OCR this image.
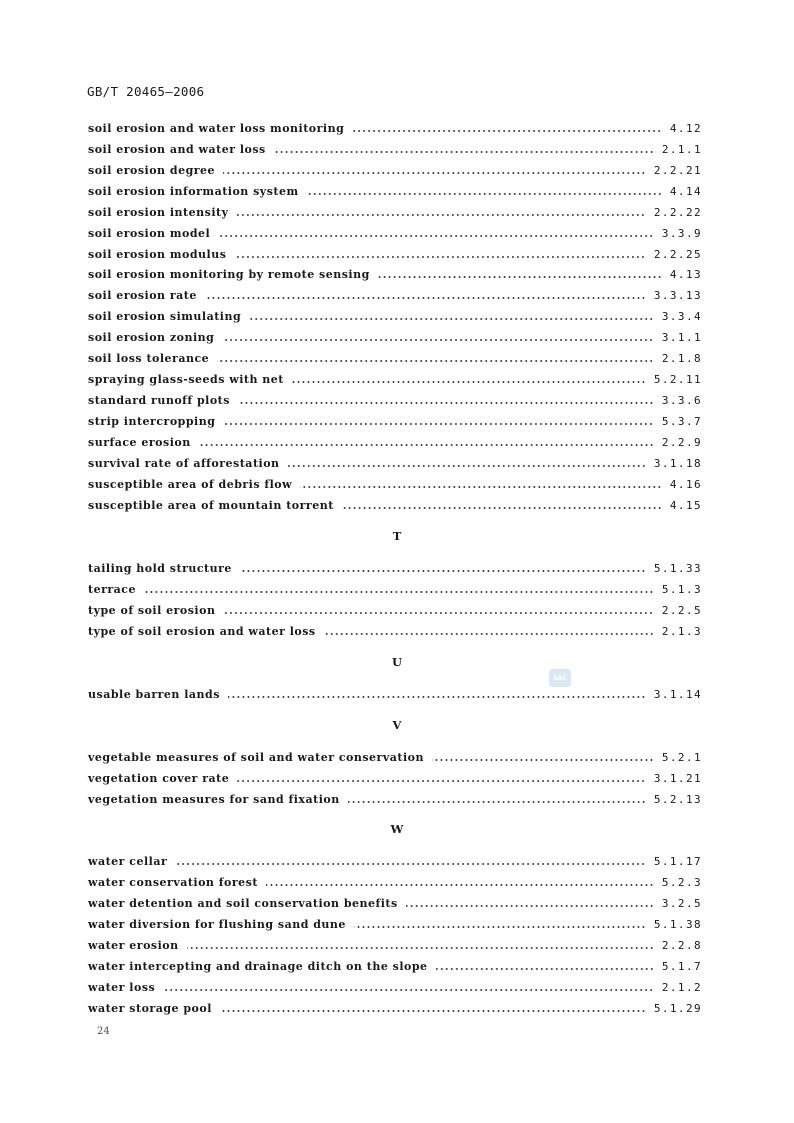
GB/T 20465—2006
soil erosion and water loss monitoring	4.12
soil erosion and water loss	2.1.1
soil erosion degree	2.2.21
soil erosion information system	4.14
soil erosion intensity	2.2.22
soil erosion model	3.3.9
soil erosion modulus	2.2.25
soil erosion monitoring by remote sensing	4.13
soil erosion rate	3.3.13
soil erosion simulating	3.3.4
soil erosion zoning	3.1.1
soil loss tolerance	2.1.8
spraying glass-seeds with net	5.2.11
standard runoff plots	3.3.6
strip intercropping	5.3.7
surface erosion	2.2.9
survival rate of afforestation	3.1.18
susceptible area of debris flow	4.16
susceptible area of mountain torrent	4.15
T
tailing hold structure	5.1.33
terrace	5.1.3
type of soil erosion	2.2.5
type of soil erosion and water loss	2.1.3
U
SAC
usable barren lands	3.1.14
V
vegetable measures of soil and water conservation	5.2.1
vegetation cover rate	3.1.21
vegetation measures for sand fixation	5.2.13
W
water cellar	5.1.17
water conservation forest	5.2.3
water detention and soil conservation benefits	3.2.5
water diversion for flushing sand dune	5.1.38
water erosion	2.2.8
water intercepting and drainage ditch on the slope	5.1.7
water loss	2.1.2
water storage pool	5.1.29
24
